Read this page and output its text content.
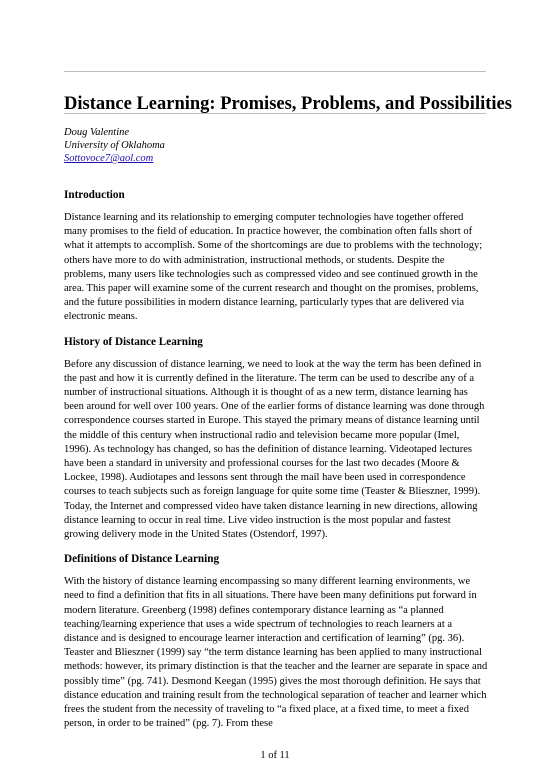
Distance Learning: Promises, Problems, and Possibilities
Doug Valentine
University of Oklahoma
Sottovoce7@aol.com
Introduction

Distance learning and its relationship to emerging computer technologies have together offered many promises to the field of education. In practice however, the combination often falls short of what it attempts to accomplish. Some of the shortcomings are due to problems with the technology; others have more to do with administration, instructional methods, or students. Despite the problems, many users like technologies such as compressed video and see continued growth in the area. This paper will examine some of the current research and thought on the promises, problems, and the future possibilities in modern distance learning, particularly types that are delivered via electronic means.

History of Distance Learning

Before any discussion of distance learning, we need to look at the way the term has been defined in the past and how it is currently defined in the literature. The term can be used to describe any of a number of instructional situations. Although it is thought of as a new term, distance learning has been around for well over 100 years. One of the earlier forms of distance learning was done through correspondence courses started in Europe. This stayed the primary means of distance learning until the middle of this century when instructional radio and television became more popular (Imel, 1996). As technology has changed, so has the definition of distance learning. Videotaped lectures have been a standard in university and professional courses for the last two decades (Moore & Lockee, 1998). Audiotapes and lessons sent through the mail have been used in correspondence courses to teach subjects such as foreign language for quite some time (Teaster & Blieszner, 1999). Today, the Internet and compressed video have taken distance learning in new directions, allowing distance learning to occur in real time. Live video instruction is the most popular and fastest growing delivery mode in the United States (Ostendorf, 1997).

Definitions of Distance Learning

With the history of distance learning encompassing so many different learning environments, we need to find a definition that fits in all situations. There have been many definitions put forward in modern literature. Greenberg (1998) defines contemporary distance learning as “a planned teaching/learning experience that uses a wide spectrum of technologies to reach learners at a distance and is designed to encourage learner interaction and certification of learning” (pg. 36). Teaster and Blieszner (1999) say “the term distance learning has been applied to many instructional methods: however, its primary distinction is that the teacher and the learner are separate in space and possibly time” (pg. 741). Desmond Keegan (1995) gives the most thorough definition. He says that distance education and training result from the technological separation of teacher and learner which frees the student from the necessity of traveling to “a fixed place, at a fixed time, to meet a fixed person, in order to be trained” (pg. 7). From these

1 of 11
